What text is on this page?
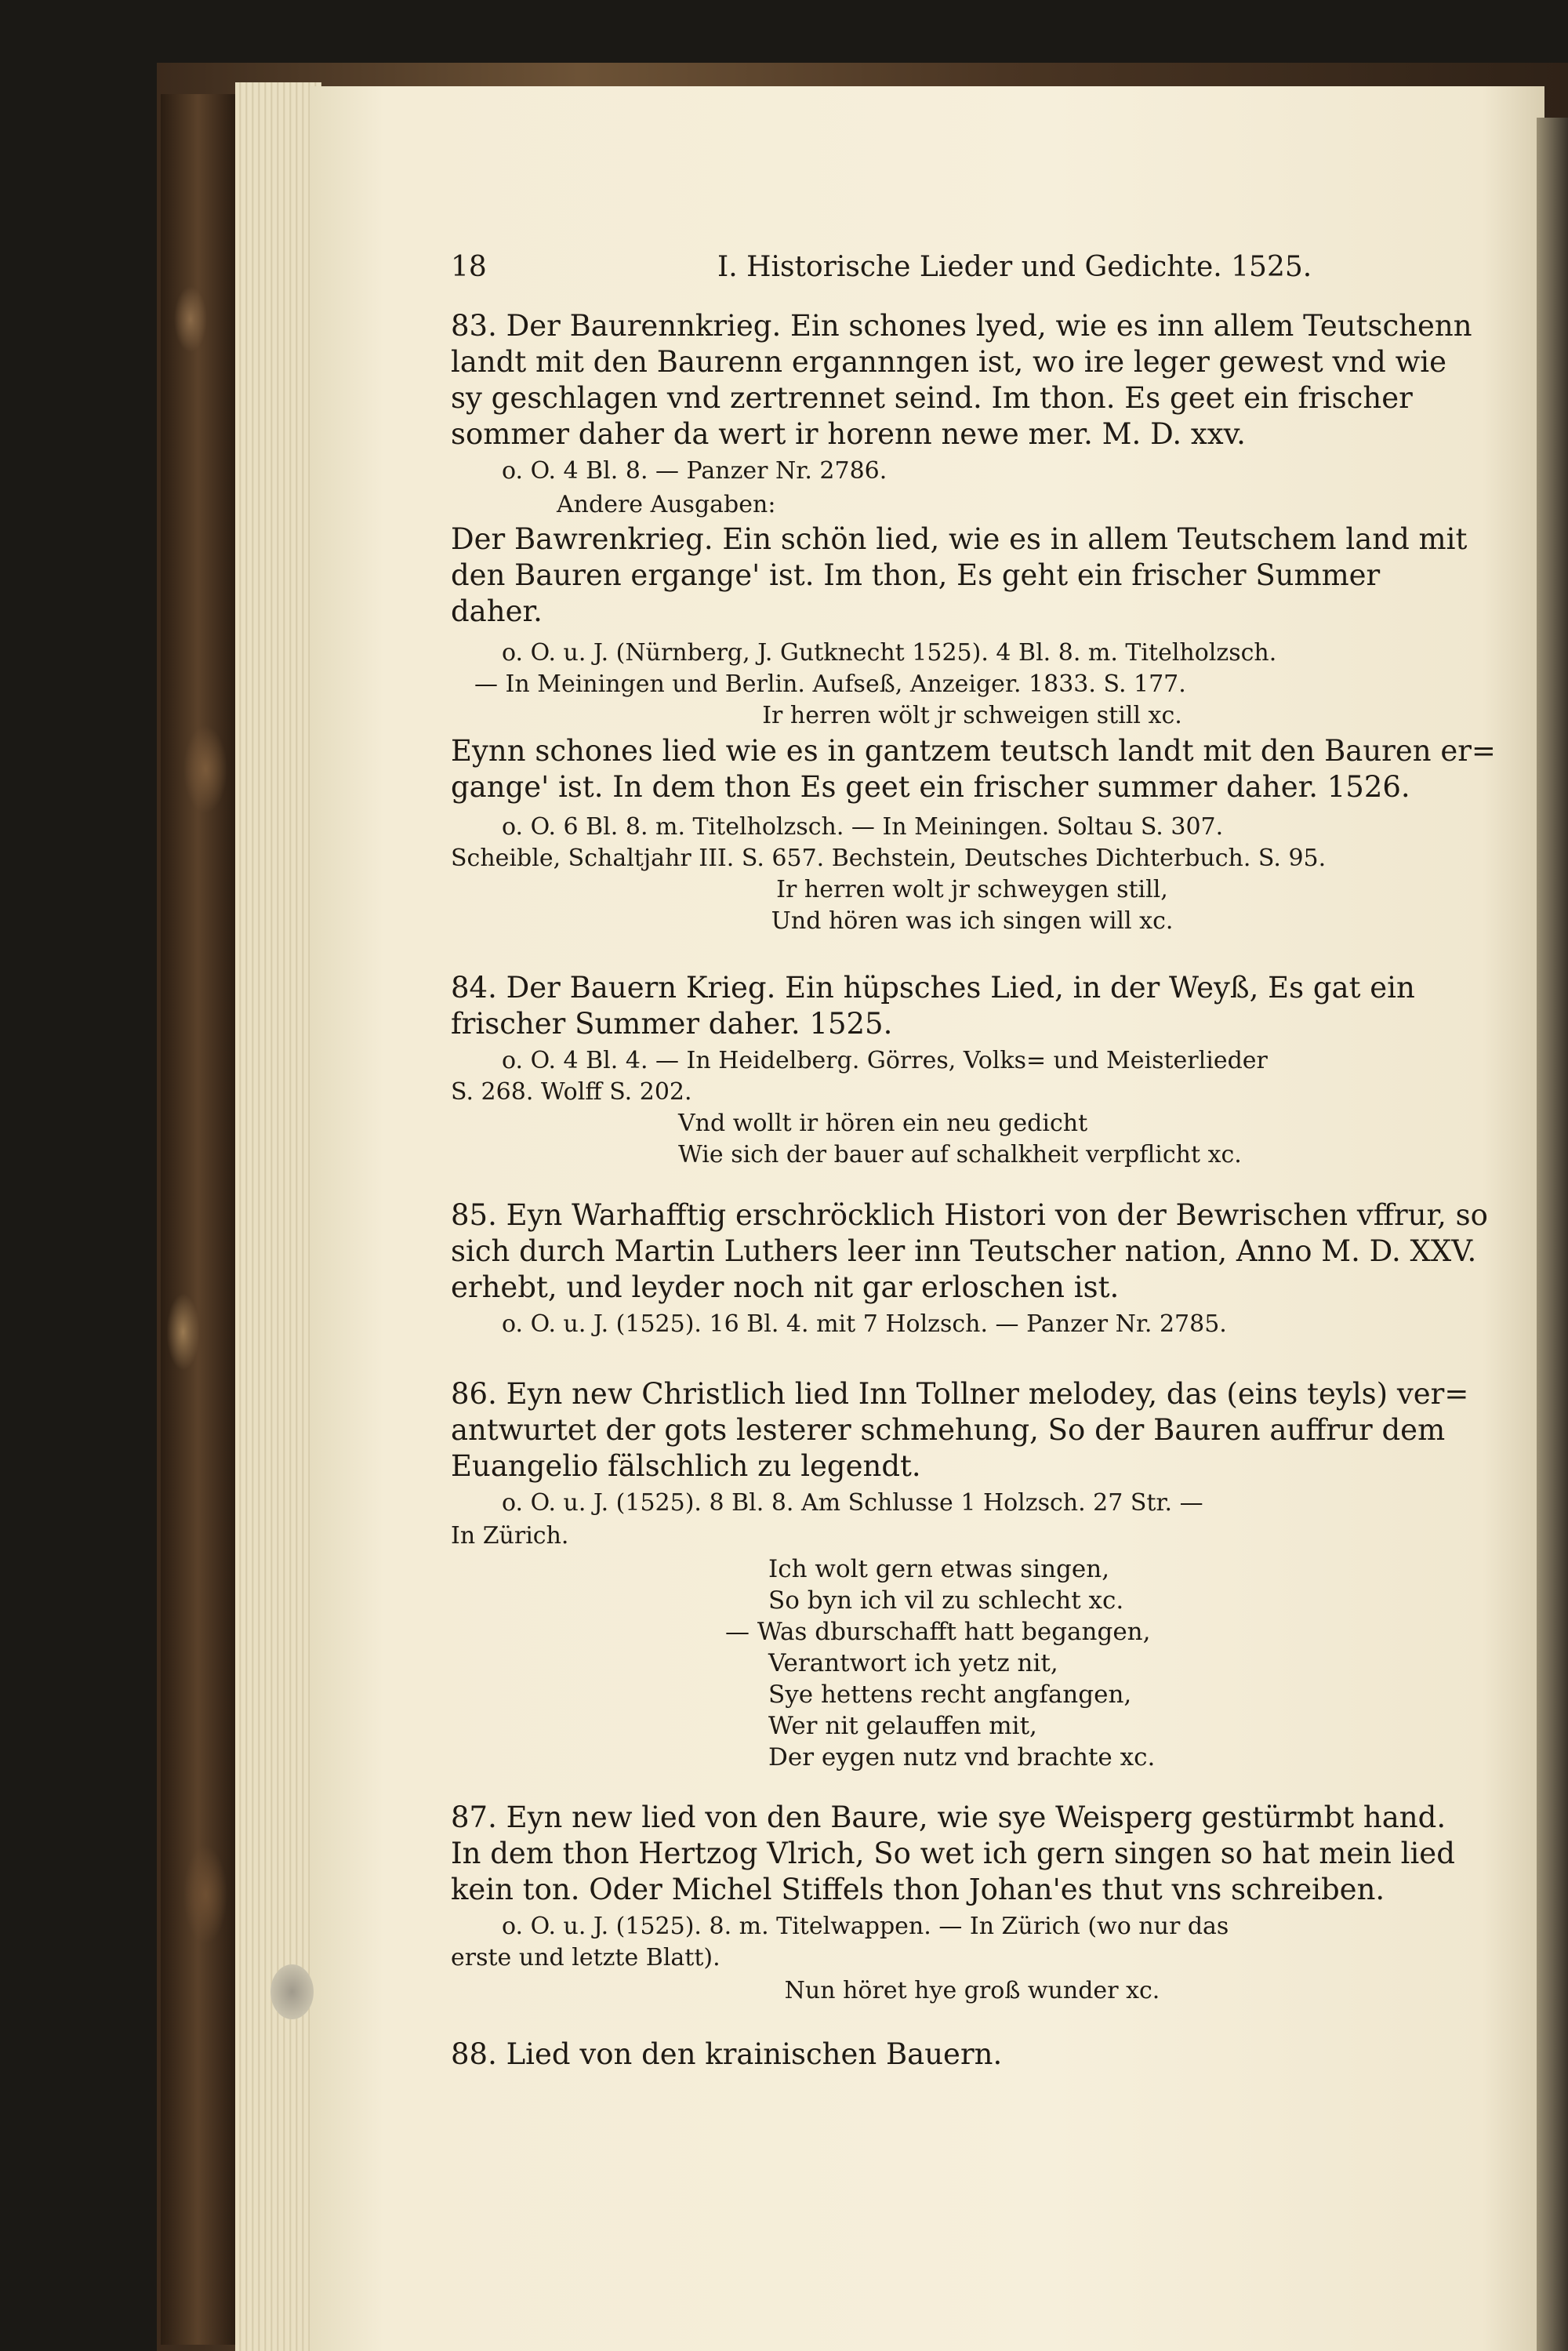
18	I. Historische Lieder und Gedichte. 1525.
83. Der Baurennkrieg. Ein schones lyed, wie es inn allem Teutschenn
landt mit den Baurenn ergannngen ist, wo ire leger gewest vnd wie
sy geschlagen vnd zertrennet seind. Im thon. Es geet ein frischer
sommer daher da wert ir horenn newe mer. M. D. xxv.
o. O. 4 Bl. 8. — Panzer Nr. 2786.
Andere Ausgaben:
Der Bawrenkrieg. Ein schön lied, wie es in allem Teutschem land mit
den Bauren ergange' ist. Im thon, Es geht ein frischer Summer
daher.
o. O. u. J. (Nürnberg, J. Gutknecht 1525). 4 Bl. 8. m. Titelholzsch.
— In Meiningen und Berlin. Aufseß, Anzeiger. 1833. S. 177.
Ir herren wölt jr schweigen still xc.
Eynn schones lied wie es in gantzem teutsch landt mit den Bauren er=
gange' ist. In dem thon Es geet ein frischer summer daher. 1526.
o. O. 6 Bl. 8. m. Titelholzsch. — In Meiningen. Soltau S. 307.
Scheible, Schaltjahr III. S. 657. Bechstein, Deutsches Dichterbuch. S. 95.
Ir herren wolt jr schweygen still,
Und hören was ich singen will xc.
84. Der Bauern Krieg. Ein hüpsches Lied, in der Weyß, Es gat ein
frischer Summer daher. 1525.
o. O. 4 Bl. 4. — In Heidelberg. Görres, Volks= und Meisterlieder
S. 268. Wolff S. 202.
Vnd wollt ir hören ein neu gedicht
Wie sich der bauer auf schalkheit verpflicht xc.
85. Eyn Warhafftig erschröcklich Histori von der Bewrischen vffrur, so
sich durch Martin Luthers leer inn Teutscher nation, Anno M. D. XXV.
erhebt, und leyder noch nit gar erloschen ist.
o. O. u. J. (1525). 16 Bl. 4. mit 7 Holzsch. — Panzer Nr. 2785.
86. Eyn new Christlich lied Inn Tollner melodey, das (eins teyls) ver=
antwurtet der gots lesterer schmehung, So der Bauren auffrur dem
Euangelio fälschlich zu legendt.
o. O. u. J. (1525). 8 Bl. 8. Am Schlusse 1 Holzsch. 27 Str. —
In Zürich.
Ich wolt gern etwas singen,
So byn ich vil zu schlecht xc.
— Was dburschafft hatt begangen,
Verantwort ich yetz nit,
Sye hettens recht angfangen,
Wer nit gelauffen mit,
Der eygen nutz vnd brachte xc.
87. Eyn new lied von den Baure, wie sye Weisperg gestürmbt hand.
In dem thon Hertzog Vlrich, So wet ich gern singen so hat mein lied
kein ton. Oder Michel Stiffels thon Johan'es thut vns schreiben.
o. O. u. J. (1525). 8. m. Titelwappen. — In Zürich (wo nur das
erste und letzte Blatt).
Nun höret hye groß wunder xc.
88. Lied von den krainischen Bauern.
